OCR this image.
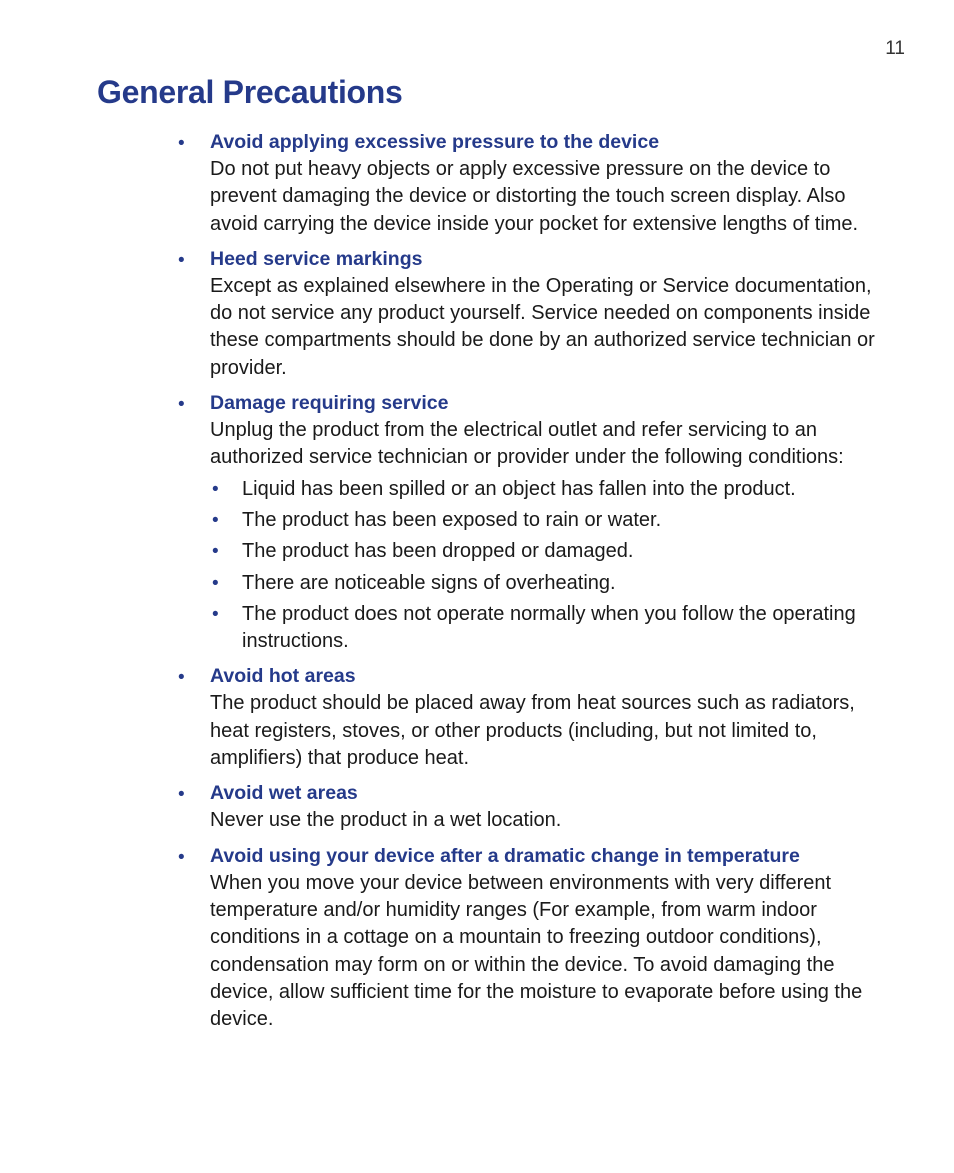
11
General Precautions
• Avoid applying excessive pressure to the device
Do not put heavy objects or apply excessive pressure on the device to prevent damaging the device or distorting the touch screen display. Also avoid carrying the device inside your pocket for extensive lengths of time.
• Heed service markings
Except as explained elsewhere in the Operating or Service documentation, do not service any product yourself. Service needed on components inside these compartments should be done by an authorized service technician or provider.
• Damage requiring service
Unplug the product from the electrical outlet and refer servicing to an authorized service technician or provider under the following conditions:
• Liquid has been spilled or an object has fallen into the product.
• The product has been exposed to rain or water.
• The product has been dropped or damaged.
• There are noticeable signs of overheating.
• The product does not operate normally when you follow the operating instructions.
• Avoid hot areas
The product should be placed away from heat sources such as radiators, heat registers, stoves, or other products (including, but not limited to, amplifiers) that produce heat.
• Avoid wet areas
Never use the product in a wet location.
• Avoid using your device after a dramatic change in temperature
When you move your device between environments with very different temperature and/or humidity ranges (For example, from warm indoor conditions in a cottage on a mountain to freezing outdoor conditions), condensation may form on or within the device. To avoid damaging the device, allow sufficient time for the moisture to evaporate before using the device.
